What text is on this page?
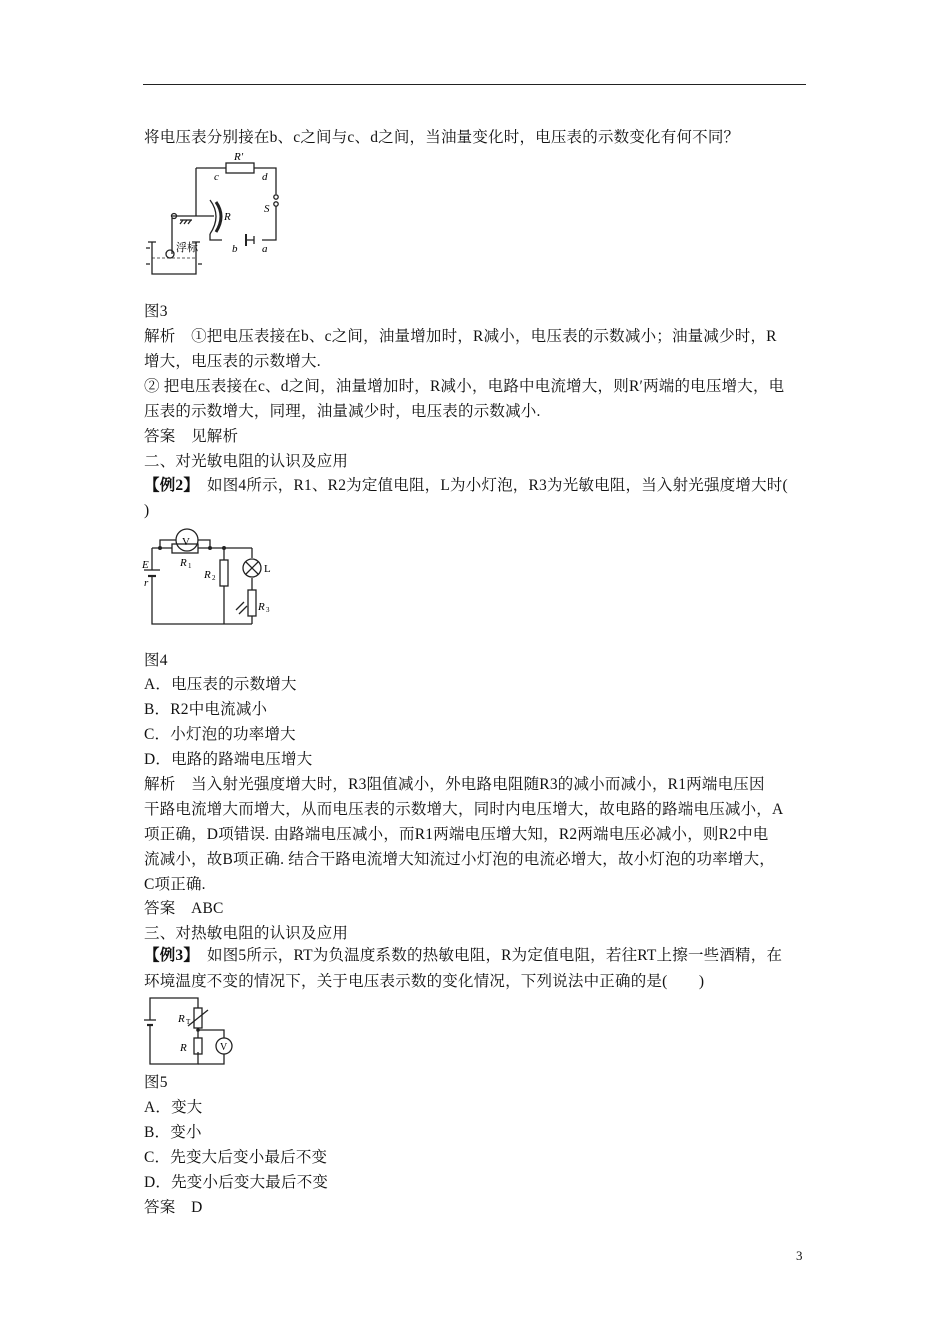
将电压表分别接在b、c之间与c、d之间，当油量变化时，电压表的示数变化有何不同？
R′
c	d
R
S
b a
浮标
图3
解析　①把电压表接在b、c之间，油量增加时，R减小，电压表的示数减小；油量减少时，R
增大，电压表的示数增大.
② 把电压表接在c、d之间，油量增加时，R减小，电路中电流增大，则R′两端的电压增大，电
压表的示数增大，同理，油量减少时，电压表的示数减小.
答案　见解析
二、对光敏电阻的认识及应用
【例2】　如图4所示，R1、R2为定值电阻，L为小灯泡，R3为光敏电阻，当入射光强度增大时(
)
V
R 1
E
r
R 2
L
R 3
图4
A．电压表的示数增大
B．R2中电流减小
C．小灯泡的功率增大
D．电路的路端电压增大
解析　当入射光强度增大时，R3阻值减小，外电路电阻随R3的减小而减小，R1两端电压因
干路电流增大而增大，从而电压表的示数增大，同时内电压增大，故电路的路端电压减小，A
项正确，D项错误. 由路端电压减小，而R1两端电压增大知，R2两端电压必减小，则R2中电
流减小，故B项正确. 结合干路电流增大知流过小灯泡的电流必增大，故小灯泡的功率增大，
C项正确.
答案　ABC
三、对热敏电阻的认识及应用
【例3】　如图5所示，RT为负温度系数的热敏电阻，R为定值电阻，若往RT上擦一些酒精，在
环境温度不变的情况下，关于电压表示数的变化情况，下列说法中正确的是(　　)
R T
R	V
图5
A．变大
B．变小
C．先变大后变小最后不变
D．先变小后变大最后不变
答案　D
3
